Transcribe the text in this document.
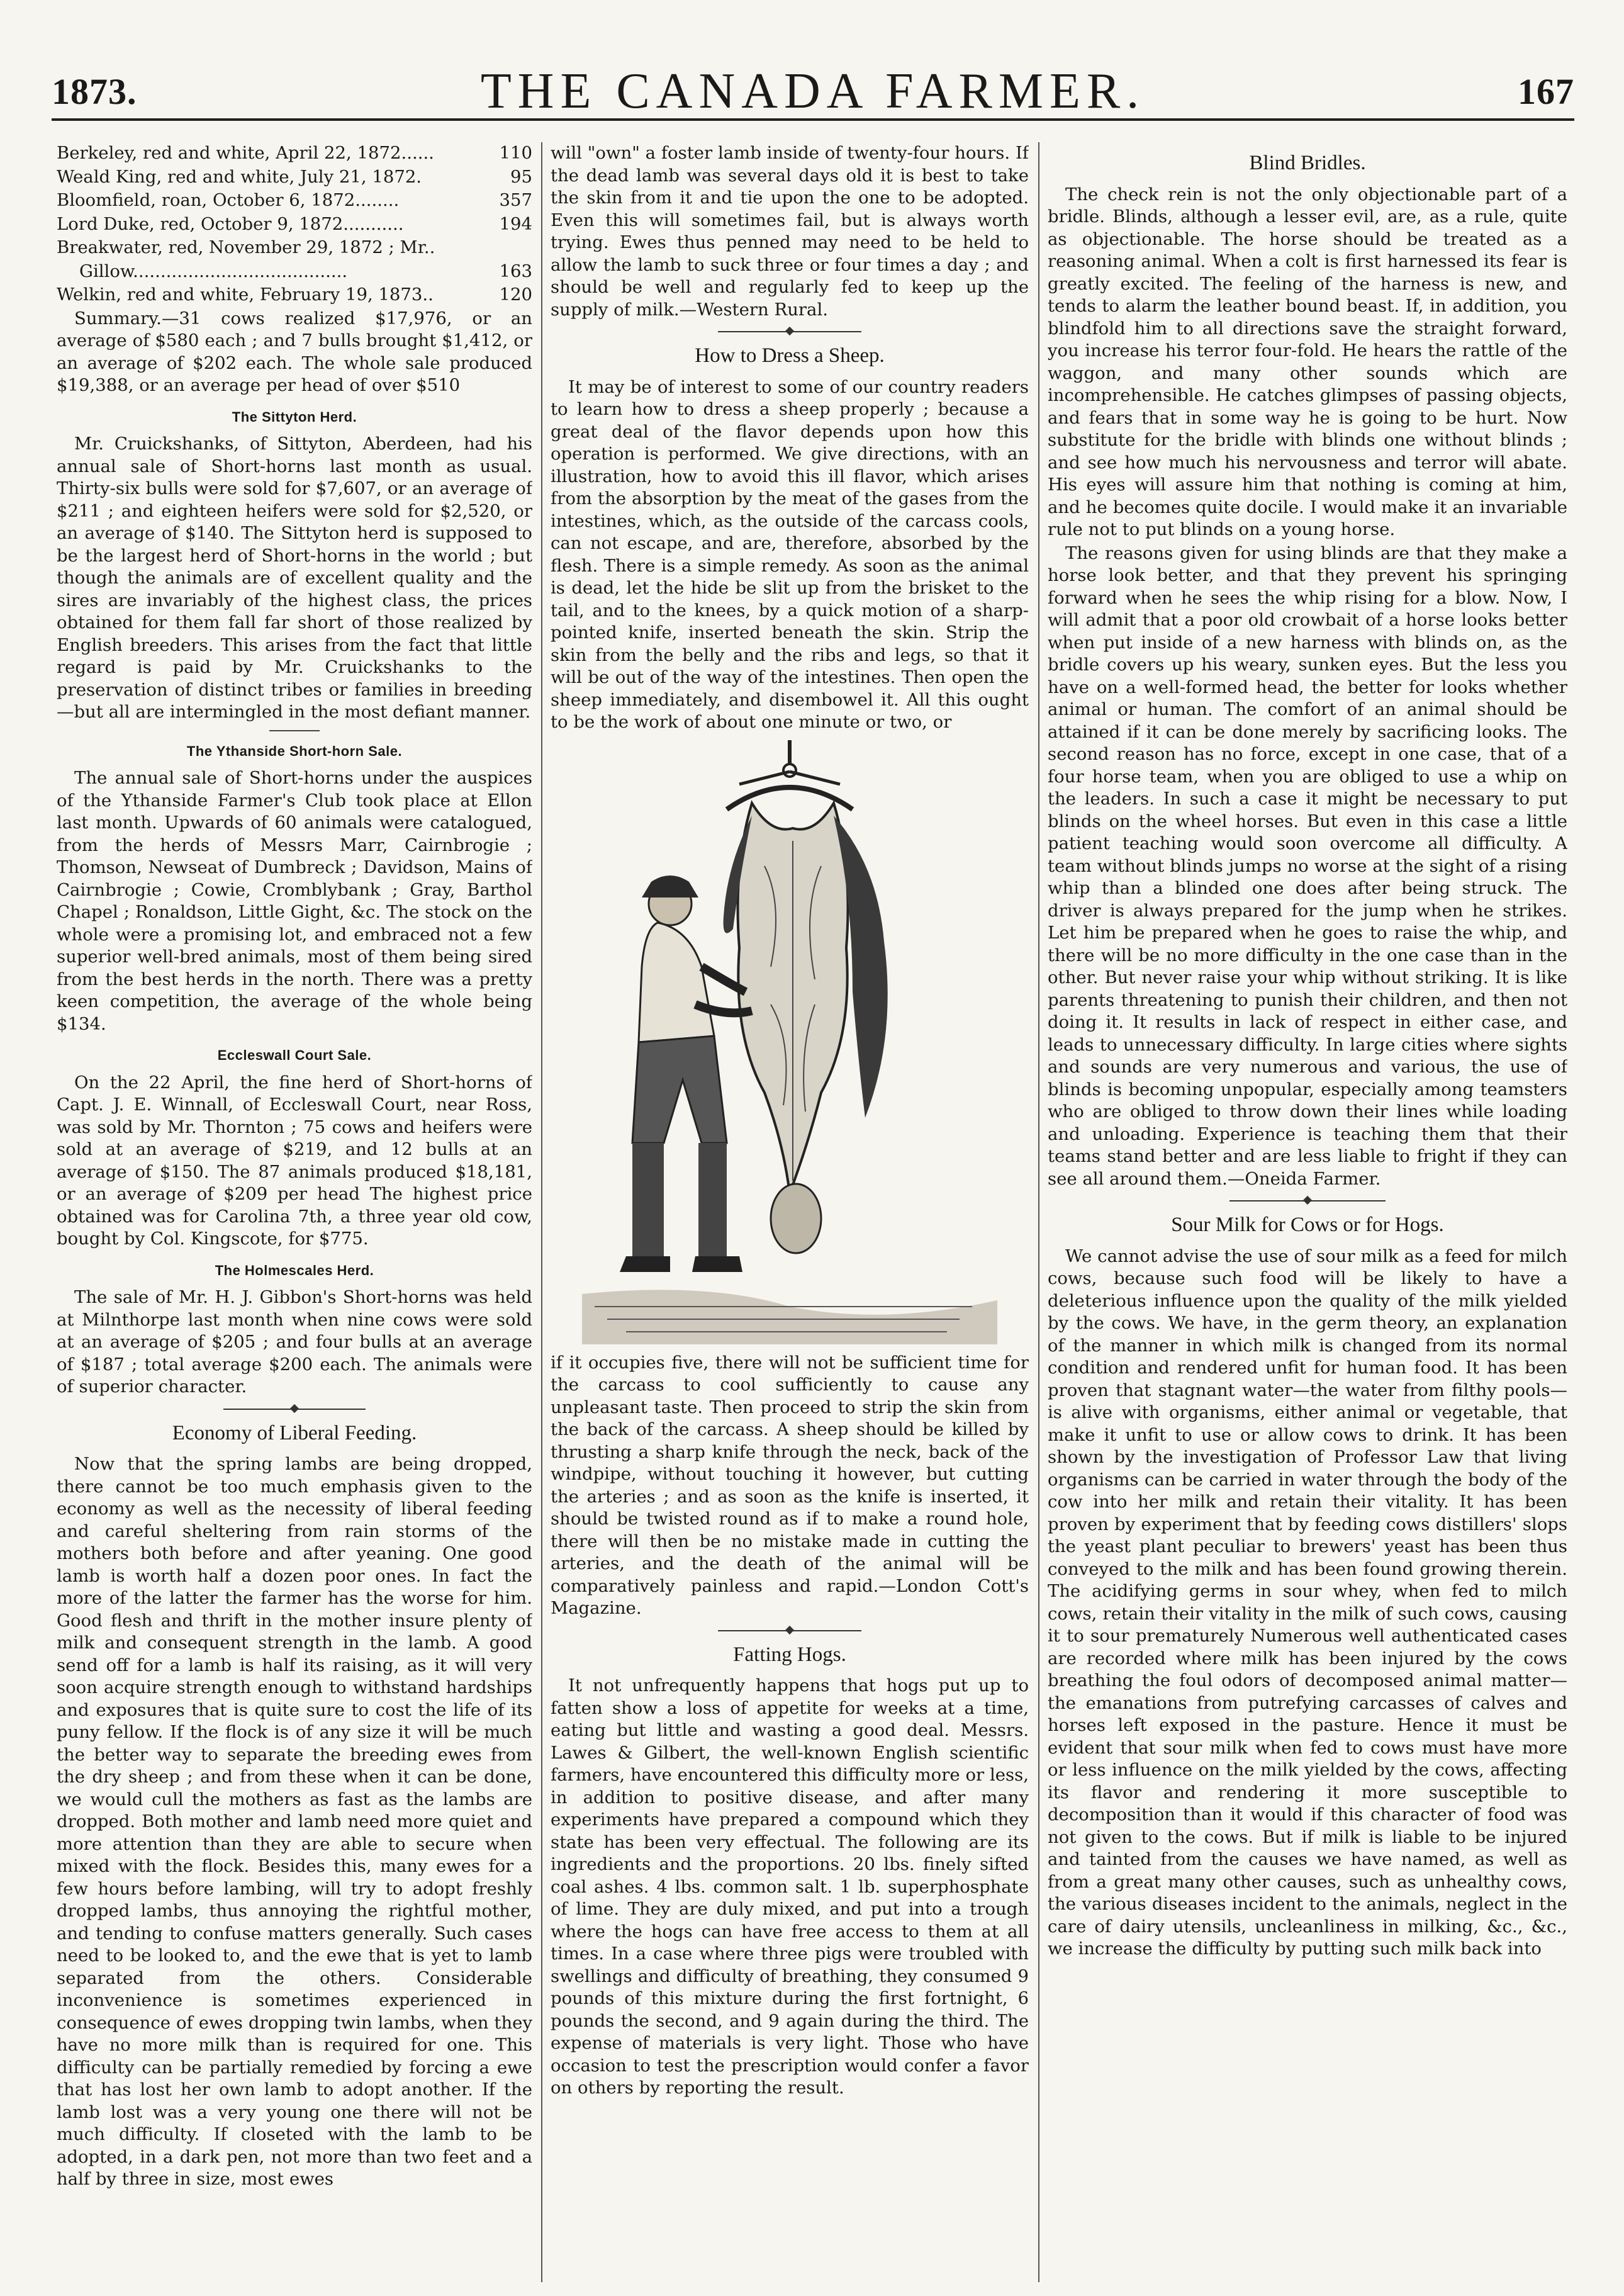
1873.	THE CANADA FARMER.	167

Berkeley, red and white, April 22, 1872......	110

Weald King, red and white, July 21, 1872.	95

Bloomfield, roan, October 6, 1872........	357

Lord Duke, red, October 9, 1872...........	194

Breakwater, red, November 29, 1872 ; Mr..

Gillow.......................................	163

Welkin, red and white, February 19, 1873..	120

Summary.—31 cows realized $17,976, or an average of $580 each ; and 7 bulls brought $1,412, or an average of $202 each. The whole sale produced $19,388, or an average per head of over $510

The Sittyton Herd.

Mr. Cruickshanks, of Sittyton, Aberdeen, had his annual sale of Short-horns last month as usual. Thirty-six bulls were sold for $7,607, or an average of $211 ; and eighteen heifers were sold for $2,520, or an average of $140. The Sittyton herd is supposed to be the largest herd of Short-horns in the world ; but though the animals are of excellent quality and the sires are invariably of the highest class, the prices obtained for them fall far short of those realized by English breeders. This arises from the fact that little regard is paid by Mr. Cruickshanks to the preservation of distinct tribes or families in breeding —but all are intermingled in the most defiant manner.

The Ythanside Short-horn Sale.

The annual sale of Short-horns under the auspices of the Ythanside Farmer's Club took place at Ellon last month. Upwards of 60 animals were catalogued, from the herds of Messrs Marr, Cairnbrogie ; Thomson, Newseat of Dumbreck ; Davidson, Mains of Cairnbrogie ; Cowie, Cromblybank ; Gray, Barthol Chapel ; Ronaldson, Little Gight, &c. The stock on the whole were a promising lot, and embraced not a few superior well-bred animals, most of them being sired from the best herds in the north. There was a pretty keen competition, the average of the whole being $134.

Eccleswall Court Sale.

On the 22 April, the fine herd of Short-horns of Capt. J. E. Winnall, of Eccleswall Court, near Ross, was sold by Mr. Thornton ; 75 cows and heifers were sold at an average of $219, and 12 bulls at an average of $150. The 87 animals produced $18,181, or an average of $209 per head The highest price obtained was for Carolina 7th, a three year old cow, bought by Col. Kingscote, for $775.

The Holmescales Herd.

The sale of Mr. H. J. Gibbon's Short-horns was held at Milnthorpe last month when nine cows were sold at an average of $205 ; and four bulls at an average of $187 ; total average $200 each. The animals were of superior character.

Economy of Liberal Feeding.

Now that the spring lambs are being dropped, there cannot be too much emphasis given to the economy as well as the necessity of liberal feeding and careful sheltering from rain storms of the mothers both before and after yeaning. One good lamb is worth half a dozen poor ones. In fact the more of the latter the farmer has the worse for him. Good flesh and thrift in the mother insure plenty of milk and consequent strength in the lamb. A good send off for a lamb is half its raising, as it will very soon acquire strength enough to withstand hardships and exposures that is quite sure to cost the life of its puny fellow. If the flock is of any size it will be much the better way to separate the breeding ewes from the dry sheep ; and from these when it can be done, we would cull the mothers as fast as the lambs are dropped. Both mother and lamb need more quiet and more attention than they are able to secure when mixed with the flock. Besides this, many ewes for a few hours before lambing, will try to adopt freshly dropped lambs, thus annoying the rightful mother, and tending to confuse matters generally. Such cases need to be looked to, and the ewe that is yet to lamb separated from the others. Considerable inconvenience is sometimes experienced in consequence of ewes dropping twin lambs, when they have no more milk than is required for one. This difficulty can be partially remedied by forcing a ewe that has lost her own lamb to adopt another. If the lamb lost was a very young one there will not be much difficulty. If closeted with the lamb to be adopted, in a dark pen, not more than two feet and a half by three in size, most ewes

will "own" a foster lamb inside of twenty-four hours. If the dead lamb was several days old it is best to take the skin from it and tie upon the one to be adopted. Even this will sometimes fail, but is always worth trying. Ewes thus penned may need to be held to allow the lamb to suck three or four times a day ; and should be well and regularly fed to keep up the supply of milk.—Western Rural.

How to Dress a Sheep.

It may be of interest to some of our country readers to learn how to dress a sheep properly ; because a great deal of the flavor depends upon how this operation is performed. We give directions, with an illustration, how to avoid this ill flavor, which arises from the absorption by the meat of the gases from the intestines, which, as the outside of the carcass cools, can not escape, and are, therefore, absorbed by the flesh. There is a simple remedy. As soon as the animal is dead, let the hide be slit up from the brisket to the tail, and to the knees, by a quick motion of a sharp-pointed knife, inserted beneath the skin. Strip the skin from the belly and the ribs and legs, so that it will be out of the way of the intestines. Then open the sheep immediately, and disembowel it. All this ought to be the work of about one minute or two, or

if it occupies five, there will not be sufficient time for the carcass to cool sufficiently to cause any unpleasant taste. Then proceed to strip the skin from the back of the carcass. A sheep should be killed by thrusting a sharp knife through the neck, back of the windpipe, without touching it however, but cutting the arteries ; and as soon as the knife is inserted, it should be twisted round as if to make a round hole, there will then be no mistake made in cutting the arteries, and the death of the animal will be comparatively painless and rapid.—London Cott's Magazine.

Fatting Hogs.

It not unfrequently happens that hogs put up to fatten show a loss of appetite for weeks at a time, eating but little and wasting a good deal. Messrs. Lawes & Gilbert, the well-known English scientific farmers, have encountered this difficulty more or less, in addition to positive disease, and after many experiments have prepared a compound which they state has been very effectual. The following are its ingredients and the proportions. 20 lbs. finely sifted coal ashes. 4 lbs. common salt. 1 lb. superphosphate of lime. They are duly mixed, and put into a trough where the hogs can have free access to them at all times. In a case where three pigs were troubled with swellings and difficulty of breathing, they consumed 9 pounds of this mixture during the first fortnight, 6 pounds the second, and 9 again during the third. The expense of materials is very light. Those who have occasion to test the prescription would confer a favor on others by reporting the result.

Blind Bridles.

The check rein is not the only objectionable part of a bridle. Blinds, although a lesser evil, are, as a rule, quite as objectionable. The horse should be treated as a reasoning animal. When a colt is first harnessed its fear is greatly excited. The feeling of the harness is new, and tends to alarm the leather bound beast. If, in addition, you blindfold him to all directions save the straight forward, you increase his terror four-fold. He hears the rattle of the waggon, and many other sounds which are incomprehensible. He catches glimpses of passing objects, and fears that in some way he is going to be hurt. Now substitute for the bridle with blinds one without blinds ; and see how much his nervousness and terror will abate. His eyes will assure him that nothing is coming at him, and he becomes quite docile. I would make it an invariable rule not to put blinds on a young horse.

The reasons given for using blinds are that they make a horse look better, and that they prevent his springing forward when he sees the whip rising for a blow. Now, I will admit that a poor old crowbait of a horse looks better when put inside of a new harness with blinds on, as the bridle covers up his weary, sunken eyes. But the less you have on a well-formed head, the better for looks whether animal or human. The comfort of an animal should be attained if it can be done merely by sacrificing looks. The second reason has no force, except in one case, that of a four horse team, when you are obliged to use a whip on the leaders. In such a case it might be necessary to put blinds on the wheel horses. But even in this case a little patient teaching would soon overcome all difficulty. A team without blinds jumps no worse at the sight of a rising whip than a blinded one does after being struck. The driver is always prepared for the jump when he strikes. Let him be prepared when he goes to raise the whip, and there will be no more difficulty in the one case than in the other. But never raise your whip without striking. It is like parents threatening to punish their children, and then not doing it. It results in lack of respect in either case, and leads to unnecessary difficulty. In large cities where sights and sounds are very numerous and various, the use of blinds is becoming unpopular, especially among teamsters who are obliged to throw down their lines while loading and unloading. Experience is teaching them that their teams stand better and are less liable to fright if they can see all around them.—Oneida Farmer.

Sour Milk for Cows or for Hogs.

We cannot advise the use of sour milk as a feed for milch cows, because such food will be likely to have a deleterious influence upon the quality of the milk yielded by the cows. We have, in the germ theory, an explanation of the manner in which milk is changed from its normal condition and rendered unfit for human food. It has been proven that stagnant water—the water from filthy pools—is alive with organisms, either animal or vegetable, that make it unfit to use or allow cows to drink. It has been shown by the investigation of Professor Law that living organisms can be carried in water through the body of the cow into her milk and retain their vitality. It has been proven by experiment that by feeding cows distillers' slops the yeast plant peculiar to brewers' yeast has been thus conveyed to the milk and has been found growing therein. The acidifying germs in sour whey, when fed to milch cows, retain their vitality in the milk of such cows, causing it to sour prematurely Numerous well authenticated cases are recorded where milk has been injured by the cows breathing the foul odors of decomposed animal matter—the emanations from putrefying carcasses of calves and horses left exposed in the pasture. Hence it must be evident that sour milk when fed to cows must have more or less influence on the milk yielded by the cows, affecting its flavor and rendering it more susceptible to decomposition than it would if this character of food was not given to the cows. But if milk is liable to be injured and tainted from the causes we have named, as well as from a great many other causes, such as unhealthy cows, the various diseases incident to the animals, neglect in the care of dairy utensils, uncleanliness in milking, &c., &c., we increase the difficulty by putting such milk back into
